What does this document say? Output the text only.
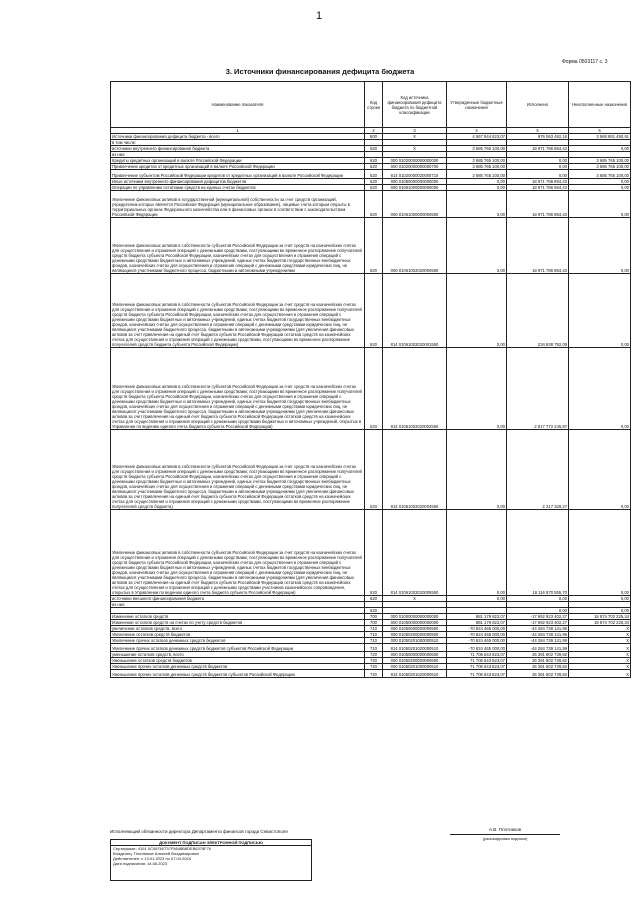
1
Форма 0503117 с. 3
3. Источники финансирования дефицита бюджета
Наименование показателя	Код строки	Код источника финансирования дефицита бюджета по бюджетной классификации	Утвержденные бюджетные назначения	Исполнено	Неисполненные назначения
1	2	3	4	5	6
Источники финансирования дефицита бюджета - всего	500	X	4 567 944 823,07	976 063 492,16	3 568 881 490,91
в том числе:					
источники внутреннего финансирования бюджета	520	X	3 685 765 100,00	18 971 786 894,43	0,00
из них:					
Кредиты кредитных организаций в валюте Российской Федерации	520	000 01020000000000000	3 685 765 100,00	0,00	3 685 765 100,00
Привлечение кредитов от кредитных организаций в валюте Российской Федерации	520	000 01020000000000700	3 685 765 100,00	0,00	3 685 765 100,00
Привлечение субъектом Российской Федерации кредитов от кредитных организаций в валюте Российской Федерации	520	814 01020000020000710	3 685 765 100,00	0,00	3 685 765 100,00
Иные источники внутреннего финансирования дефицитов бюджетов	520	000 01060000000000000	0,00	18 971 786 894,43	0,00
Операции по управлению остатками средств на единых счетах бюджетов	520	000 01061000000000000	0,00	18 971 786 894,43	0,00
Увеличение финансовых активов в государственной (муниципальной) собственности за счет средств организаций, учредителем которых является Российская Федерация (муниципальное образование), лицевые счета которым открыты в территориальных органах Федерального казначейства или в финансовых органах в соответствии с законодательством Российской Федерации	520	000 01061000000000500	0,00	18 971 786 894,43	0,00
Увеличение финансовых активов в собственности субъектов Российской Федерации за счет средств на казначейских счетах для осуществления и отражения операций с денежными средствами, поступающими во временное распоряжение получателей средств бюджета субъекта Российской Федерации, казначейских счетах для осуществления и отражения операций с денежными средствами бюджетных и автономных учреждений, единых счетах бюджетов государственных внебюджетных фондов, казначейских счетах для осуществления и отражения операций с денежными средствами юридических лиц, не являющихся участниками бюджетного процесса, бюджетными и автономными учреждениями	520	000 01061002020000550	0,00	18 971 786 894,43	0,00
Увеличение финансовых активов в собственности субъектов Российской Федерации за счет средств на казначейских счетах для осуществления и отражения операций с денежными средствами, поступающими во временное распоряжение получателей средств бюджета субъекта Российской Федерации, казначейских счетах для осуществления и отражения операций с денежными средствами бюджетных и автономных учреждений, единых счетах бюджетов государственных внебюджетных фондов, казначейских счетах для осуществления и отражения операций с денежными средствами юридических лиц, не являющихся участниками бюджетного процесса, бюджетными и автономными учреждениями (для увеличения финансовых активов за счет привлечения на единый счет бюджета субъекта Российской Федерации остатков средств на казначейских счетах для осуществления и отражения операций с денежными средствами, поступающими во временное распоряжение получателей средств бюджета субъекта Российской Федерации)	520	814 01061002020001550	0,00	234 838 792,09	0,00
Увеличение финансовых активов в собственности субъектов Российской Федерации за счет средств на казначейских счетах для осуществления и отражения операций с денежными средствами, поступающими во временное распоряжение получателей средств бюджета субъекта Российской Федерации, казначейских счетах для осуществления и отражения операций с денежными средствами бюджетных и автономных учреждений, единых счетах бюджетов государственных внебюджетных фондов, казначейских счетах для осуществления и отражения операций с денежными средствами юридических лиц, не являющихся участниками бюджетного процесса, бюджетными и автономными учреждениями (для увеличения финансовых активов за счет привлечения на единый счет бюджета субъекта Российской Федерации остатков средств на казначейских счетах для осуществления и отражения операций с денежными средствами бюджетных и автономных учреждений, открытых в Управлении по ведению единого счета бюджета субъекта Российской Федерации)	520	814 01061002020002550	0,00	2 817 772 245,87	0,00
Увеличение финансовых активов в собственности субъектов Российской Федерации за счет средств на казначейских счетах для осуществления и отражения операций с денежными средствами, поступающими во временное распоряжение получателей средств бюджета субъекта Российской Федерации, казначейских счетах для осуществления и отражения операций с денежными средствами бюджетных и автономных учреждений, единых счетах бюджетов государственных внебюджетных фондов, казначейских счетах для осуществления и отражения операций с денежными средствами юридических лиц, не являющихся участниками бюджетного процесса, бюджетными и автономными учреждениями (для увеличения финансовых активов за счет привлечения на единый счет бюджета субъекта Российской Федерации остатков средств на казначейских счетах для осуществления и отражения операций с денежными средствами, поступающими во временное распоряжение получателей средств бюджета)	520	814 01061002020004550	0,00	2 317 328,27	0,00
Увеличение финансовых активов в собственности субъектов Российской Федерации за счет средств на казначейских счетах для осуществления и отражения операций с денежными средствами, поступающими во временное распоряжение получателей средств бюджета субъекта Российской Федерации, казначейских счетах для осуществления и отражения операций с денежными средствами бюджетных и автономных учреждений, единых счетах бюджетов государственных внебюджетных фондов, казначейских счетах для осуществления и отражения операций с денежными средствами юридических лиц, не являющихся участниками бюджетного процесса, бюджетными и автономными учреждениями (для увеличения финансовых активов за счет привлечения на единый счет бюджета субъекта Российской Федерации остатков средств на казначейских счетах для осуществления и отражения операций с денежными средствами участников казначейского сопровождения, открытых в Управлении по ведению единого счета бюджета субъекта Российской Федерации)	520	814 01061002020005550	0,00	18 116 870 555,70	0,00
источники внешнего финансирования бюджета	620	X	0,00	0,00	0,00
из них:					
	620			0,00	0,00
Изменение остатков средств	700	000 01000000000000000	881 179 823,07	-17 992 923 402,27	18 874 702 225,34
Изменение остатков средств на счетах по учету средств бюджетов	700	000 01050000000000000	881 179 823,07	-17 992 923 402,27	18 874 702 225,34
увеличение остатков средств, всего	710	000 01050000000000500	-70 824 465 000,00	-44 284 739 141,99	X
Увеличение остатков средств бюджетов	710	000 01050200000000500	-70 824 465 000,00	-44 284 739 141,99	X
Увеличение прочих остатков денежных средств бюджетов	710	000 01050201000000510	-70 824 465 000,00	-44 284 739 141,99	X
Увеличение прочих остатков денежных средств бюджетов субъектов Российской Федерации	710	814 01050201020000510	-70 824 465 000,00	-44 284 739 141,99	X
уменьшение остатков средств, всего	720	000 01050000000000600	71 706 643 823,07	26 391 802 739,82	X
Уменьшение остатков средств бюджетов	720	000 01050200000000600	71 706 643 823,07	26 391 802 739,82	X
Уменьшение прочих остатков денежных средств бюджетов	720	000 01050201000000610	71 706 643 823,07	26 391 802 739,82	X
Уменьшение прочих остатков денежных средств бюджетов субъектов Российской Федерации	720	814 01050201020000610	71 706 643 823,07	26 391 802 739,82	X
Исполняющий обязанности директора Департамента финансов города Севастополя	А.В. Плотников
(расшифровка подписи)
ДОКУМЕНТ ПОДПИСАН ЭЛЕКТРОННОЙ ПОДПИСЬЮ
Сертификат: 4161 0C08760737F5648B8DEB6378F76
Владелец: Плотников Алексей Владимирович
Действителен: с 13.01.2023 по 07.04.2024
Дата подписания: 14.06.2023
